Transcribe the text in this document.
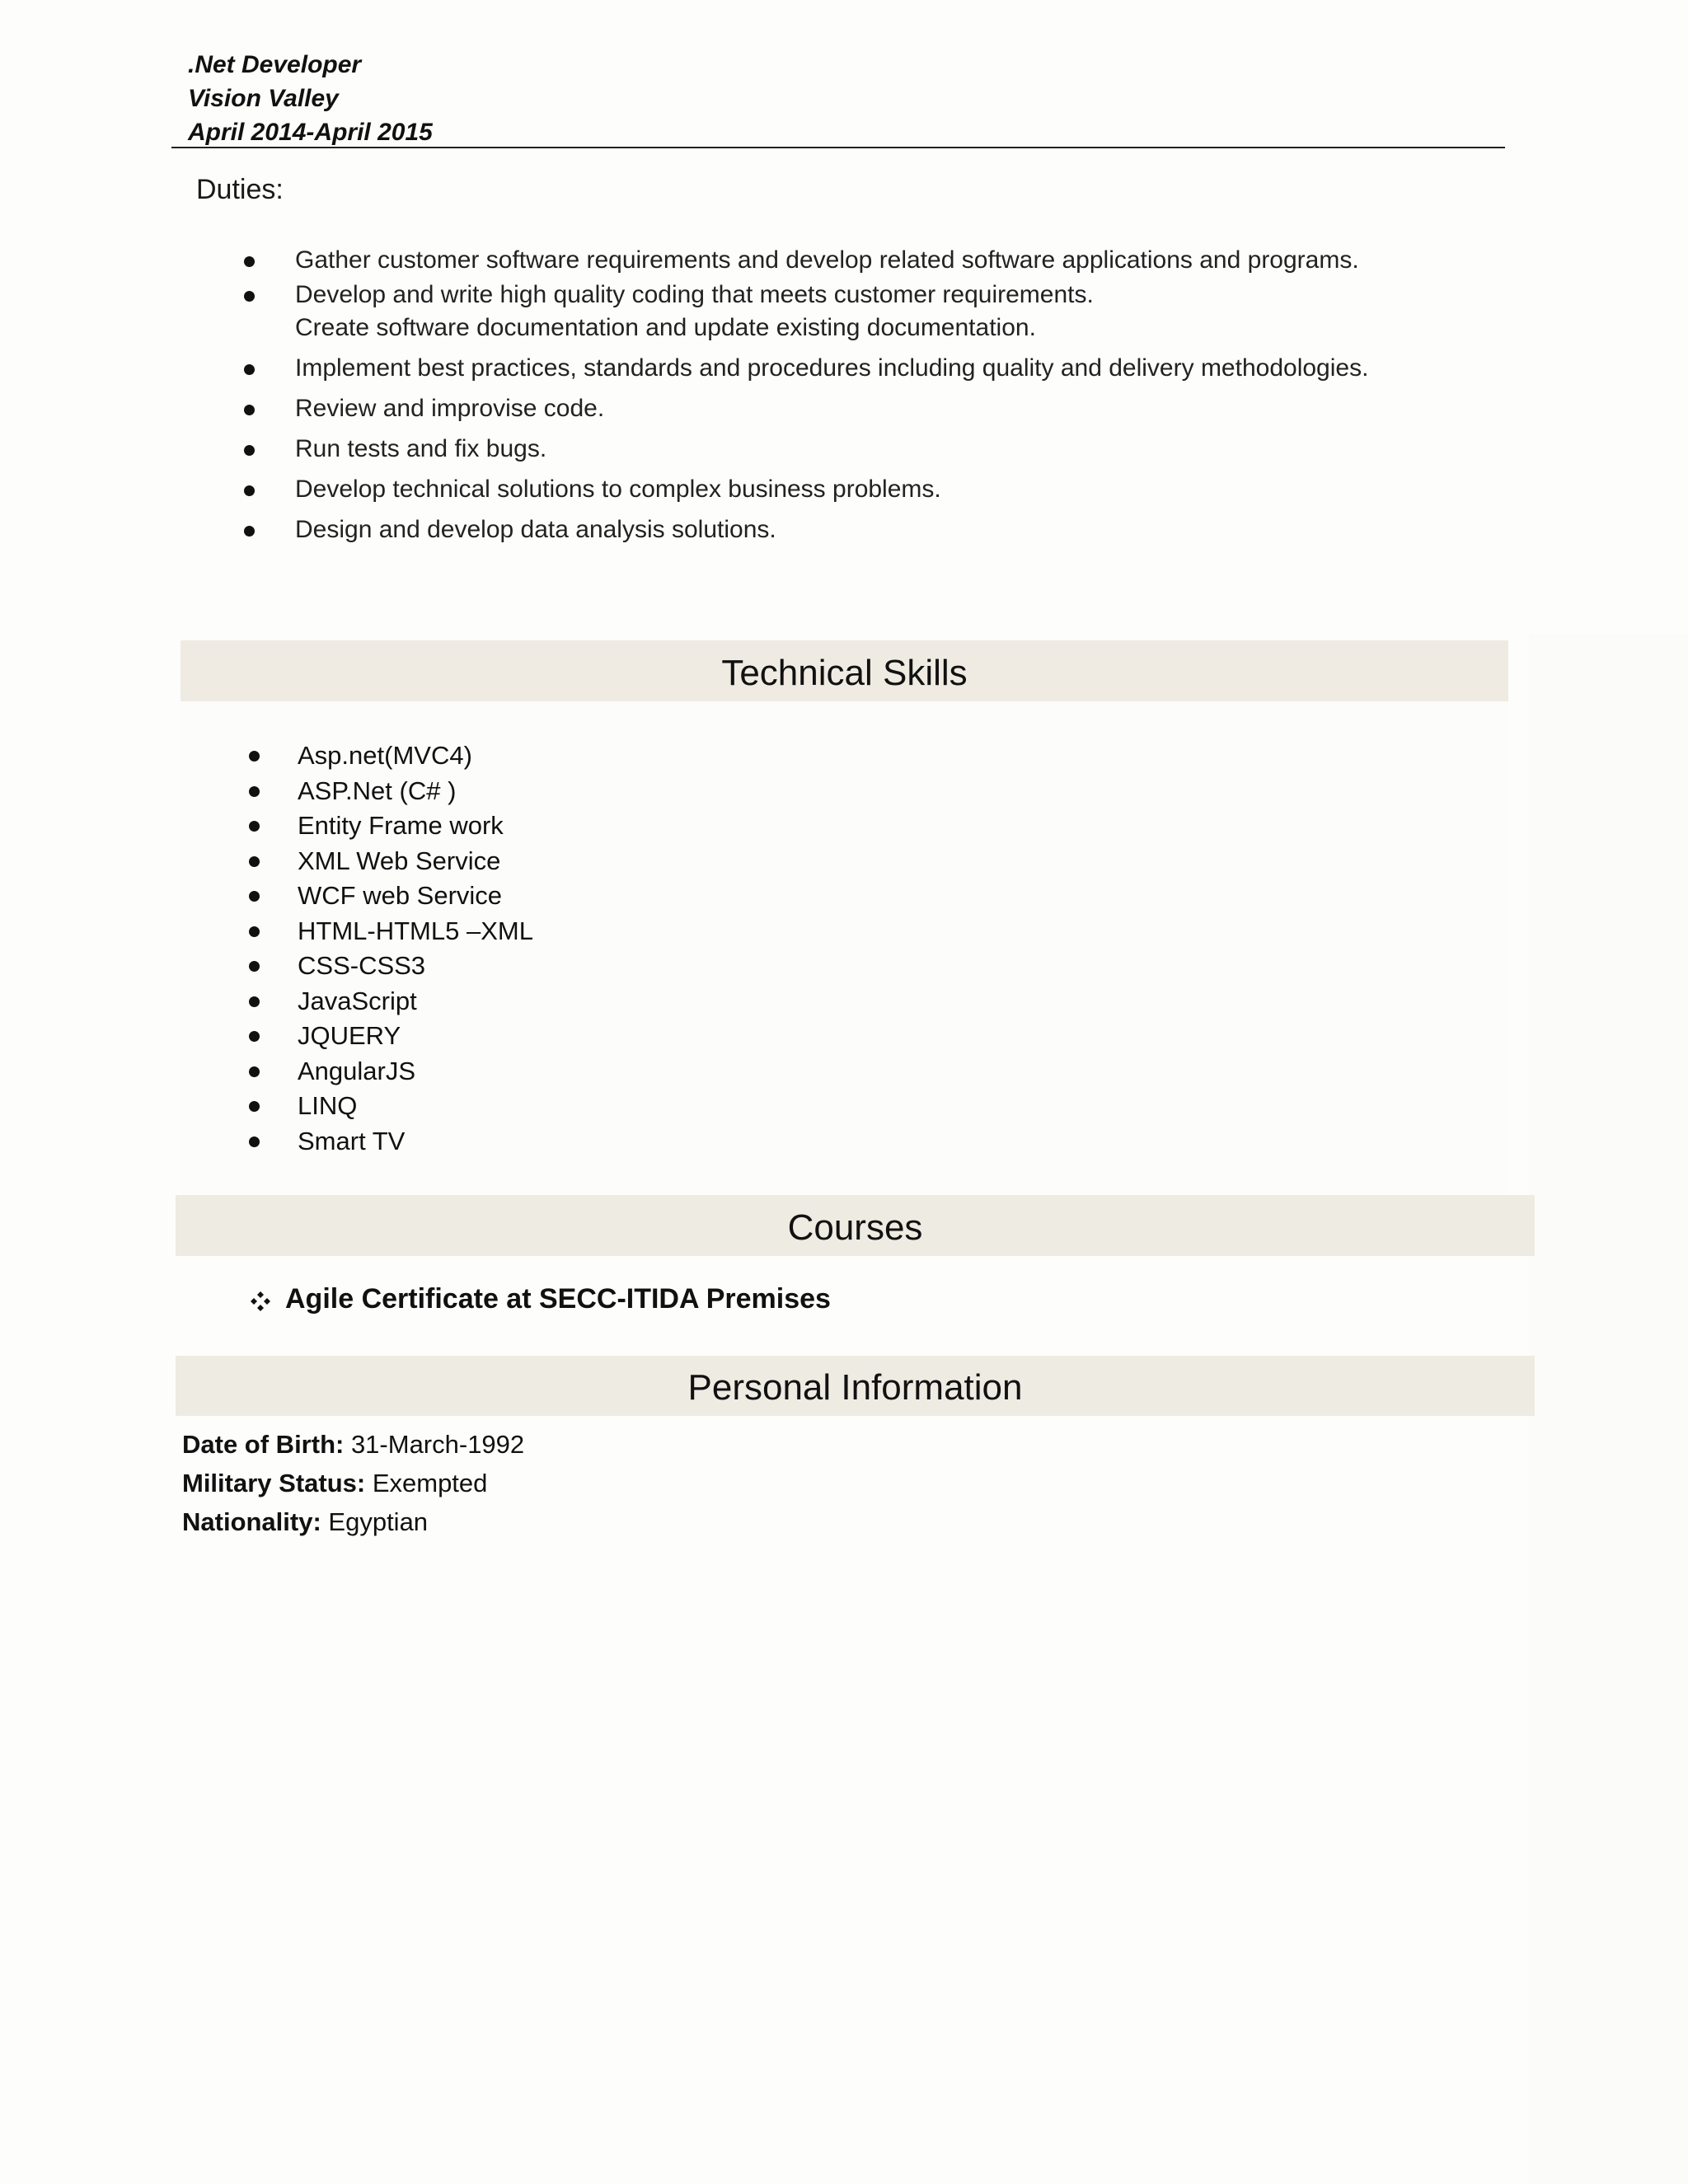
.Net Developer
Vision Valley
April 2014-April 2015
Duties:
Gather customer software requirements and develop related software applications and programs.
Develop and write high quality coding that meets customer requirements.
Create software documentation and update existing documentation.
Implement best practices, standards and procedures including quality and delivery methodologies.
Review and improvise code.
Run tests and fix bugs.
Develop technical solutions to complex business problems.
Design and develop data analysis solutions.
Technical Skills
Asp.net(MVC4)
ASP.Net (C# )
Entity Frame work
XML Web Service
WCF web Service
HTML-HTML5 –XML
CSS-CSS3
JavaScript
JQUERY
AngularJS
LINQ
Smart TV
Courses
Agile Certificate at SECC-ITIDA Premises
Personal Information
Date of Birth: 31-March-1992
Military Status: Exempted
Nationality: Egyptian
